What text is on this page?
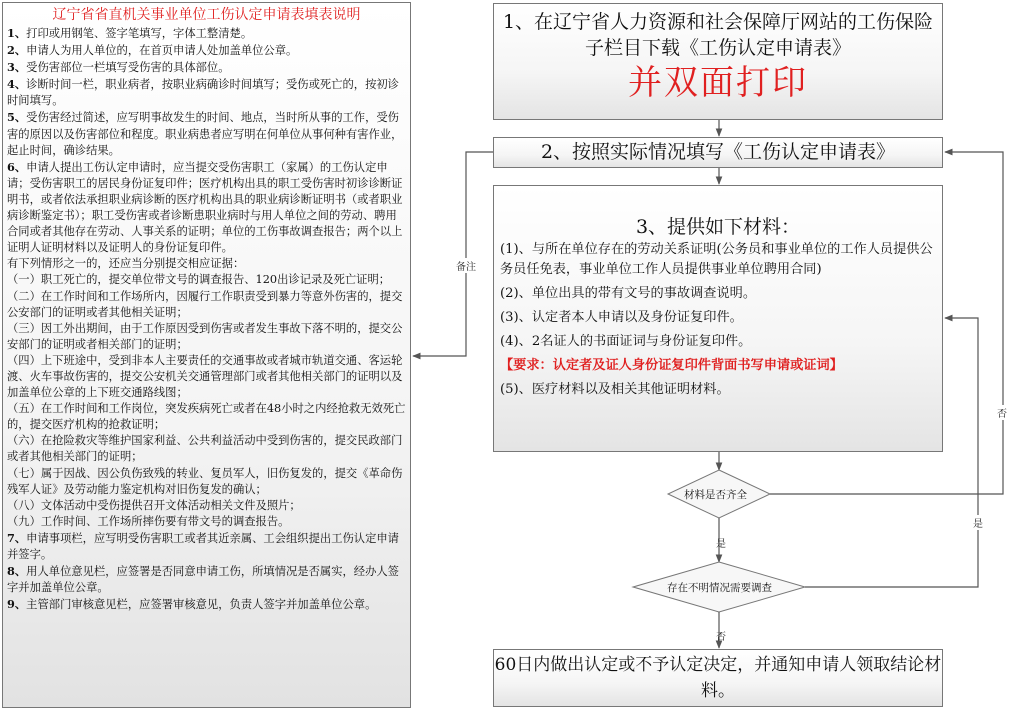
辽宁省省直机关事业单位工伤认定申请表填表说明

1、打印或用钢笔、签字笔填写，字体工整清楚。

2、申请人为用人单位的，在首页申请人处加盖单位公章。

3、受伤害部位一栏填写受伤害的具体部位。

4、诊断时间一栏，职业病者，按职业病确诊时间填写；受伤或死亡的，按初诊时间填写。

5、受伤害经过简述，应写明事故发生的时间、地点，当时所从事的工作，受伤害的原因以及伤害部位和程度。职业病患者应写明在何单位从事何种有害作业，起止时间，确诊结果。

6、申请人提出工伤认定申请时，应当提交受伤害职工（家属）的工伤认定申请；受伤害职工的居民身份证复印件；医疗机构出具的职工受伤害时初诊诊断证明书，或者依法承担职业病诊断的医疗机构出具的职业病诊断证明书（或者职业病诊断鉴定书）；职工受伤害或者诊断患职业病时与用人单位之间的劳动、聘用合同或者其他存在劳动、人事关系的证明；单位的工伤事故调查报告；两个以上证明人证明材料以及证明人的身份证复印件。

有下列情形之一的，还应当分别提交相应证据：

（一）职工死亡的，提交单位带文号的调查报告、120出诊记录及死亡证明；

（二）在工作时间和工作场所内，因履行工作职责受到暴力等意外伤害的，提交公安部门的证明或者其他相关证明；

（三）因工外出期间，由于工作原因受到伤害或者发生事故下落不明的，提交公安部门的证明或者相关部门的证明；

（四）上下班途中，受到非本人主要责任的交通事故或者城市轨道交通、客运轮渡、火车事故伤害的，提交公安机关交通管理部门或者其他相关部门的证明以及加盖单位公章的上下班交通路线图；

（五）在工作时间和工作岗位，突发疾病死亡或者在48小时之内经抢救无效死亡的，提交医疗机构的抢救证明；

（六）在抢险救灾等维护国家利益、公共利益活动中受到伤害的，提交民政部门或者其他相关部门的证明；

（七）属于因战、因公负伤致残的转业、复员军人，旧伤复发的，提交《革命伤残军人证》及劳动能力鉴定机构对旧伤复发的确认；

（八）文体活动中受伤提供召开文体活动相关文件及照片；

（九）工作时间、工作场所摔伤要有带文号的调查报告。

7、申请事项栏，应写明受伤害职工或者其近亲属、工会组织提出工伤认定申请并签字。

8、用人单位意见栏，应签署是否同意申请工伤，所填情况是否属实，经办人签字并加盖单位公章。

9、主管部门审核意见栏，应签署审核意见，负责人签字并加盖单位公章。

1、在辽宁省人力资源和社会保障厅网站的工伤保险子栏目下载《工伤认定申请表》
并双面打印
2、按照实际情况填写《工伤认定申请表》
3、提供如下材料：

(1)、与所在单位存在的劳动关系证明(公务员和事业单位的工作人员提供公务员任免表，事业单位工作人员提供事业单位聘用合同)

(2)、单位出具的带有文号的事故调查说明。

(3)、认定者本人申请以及身份证复印件。

(4)、2名证人的书面证词与身份证复印件。

【要求：认定者及证人身份证复印件背面书写申请或证词】

(5)、医疗材料以及相关其他证明材料。

60日内做出认定或不予认定决定，并通知申请人领取结论材料。
材料是否齐全
存在不明情况需要调查
备注
是
否
是
否
